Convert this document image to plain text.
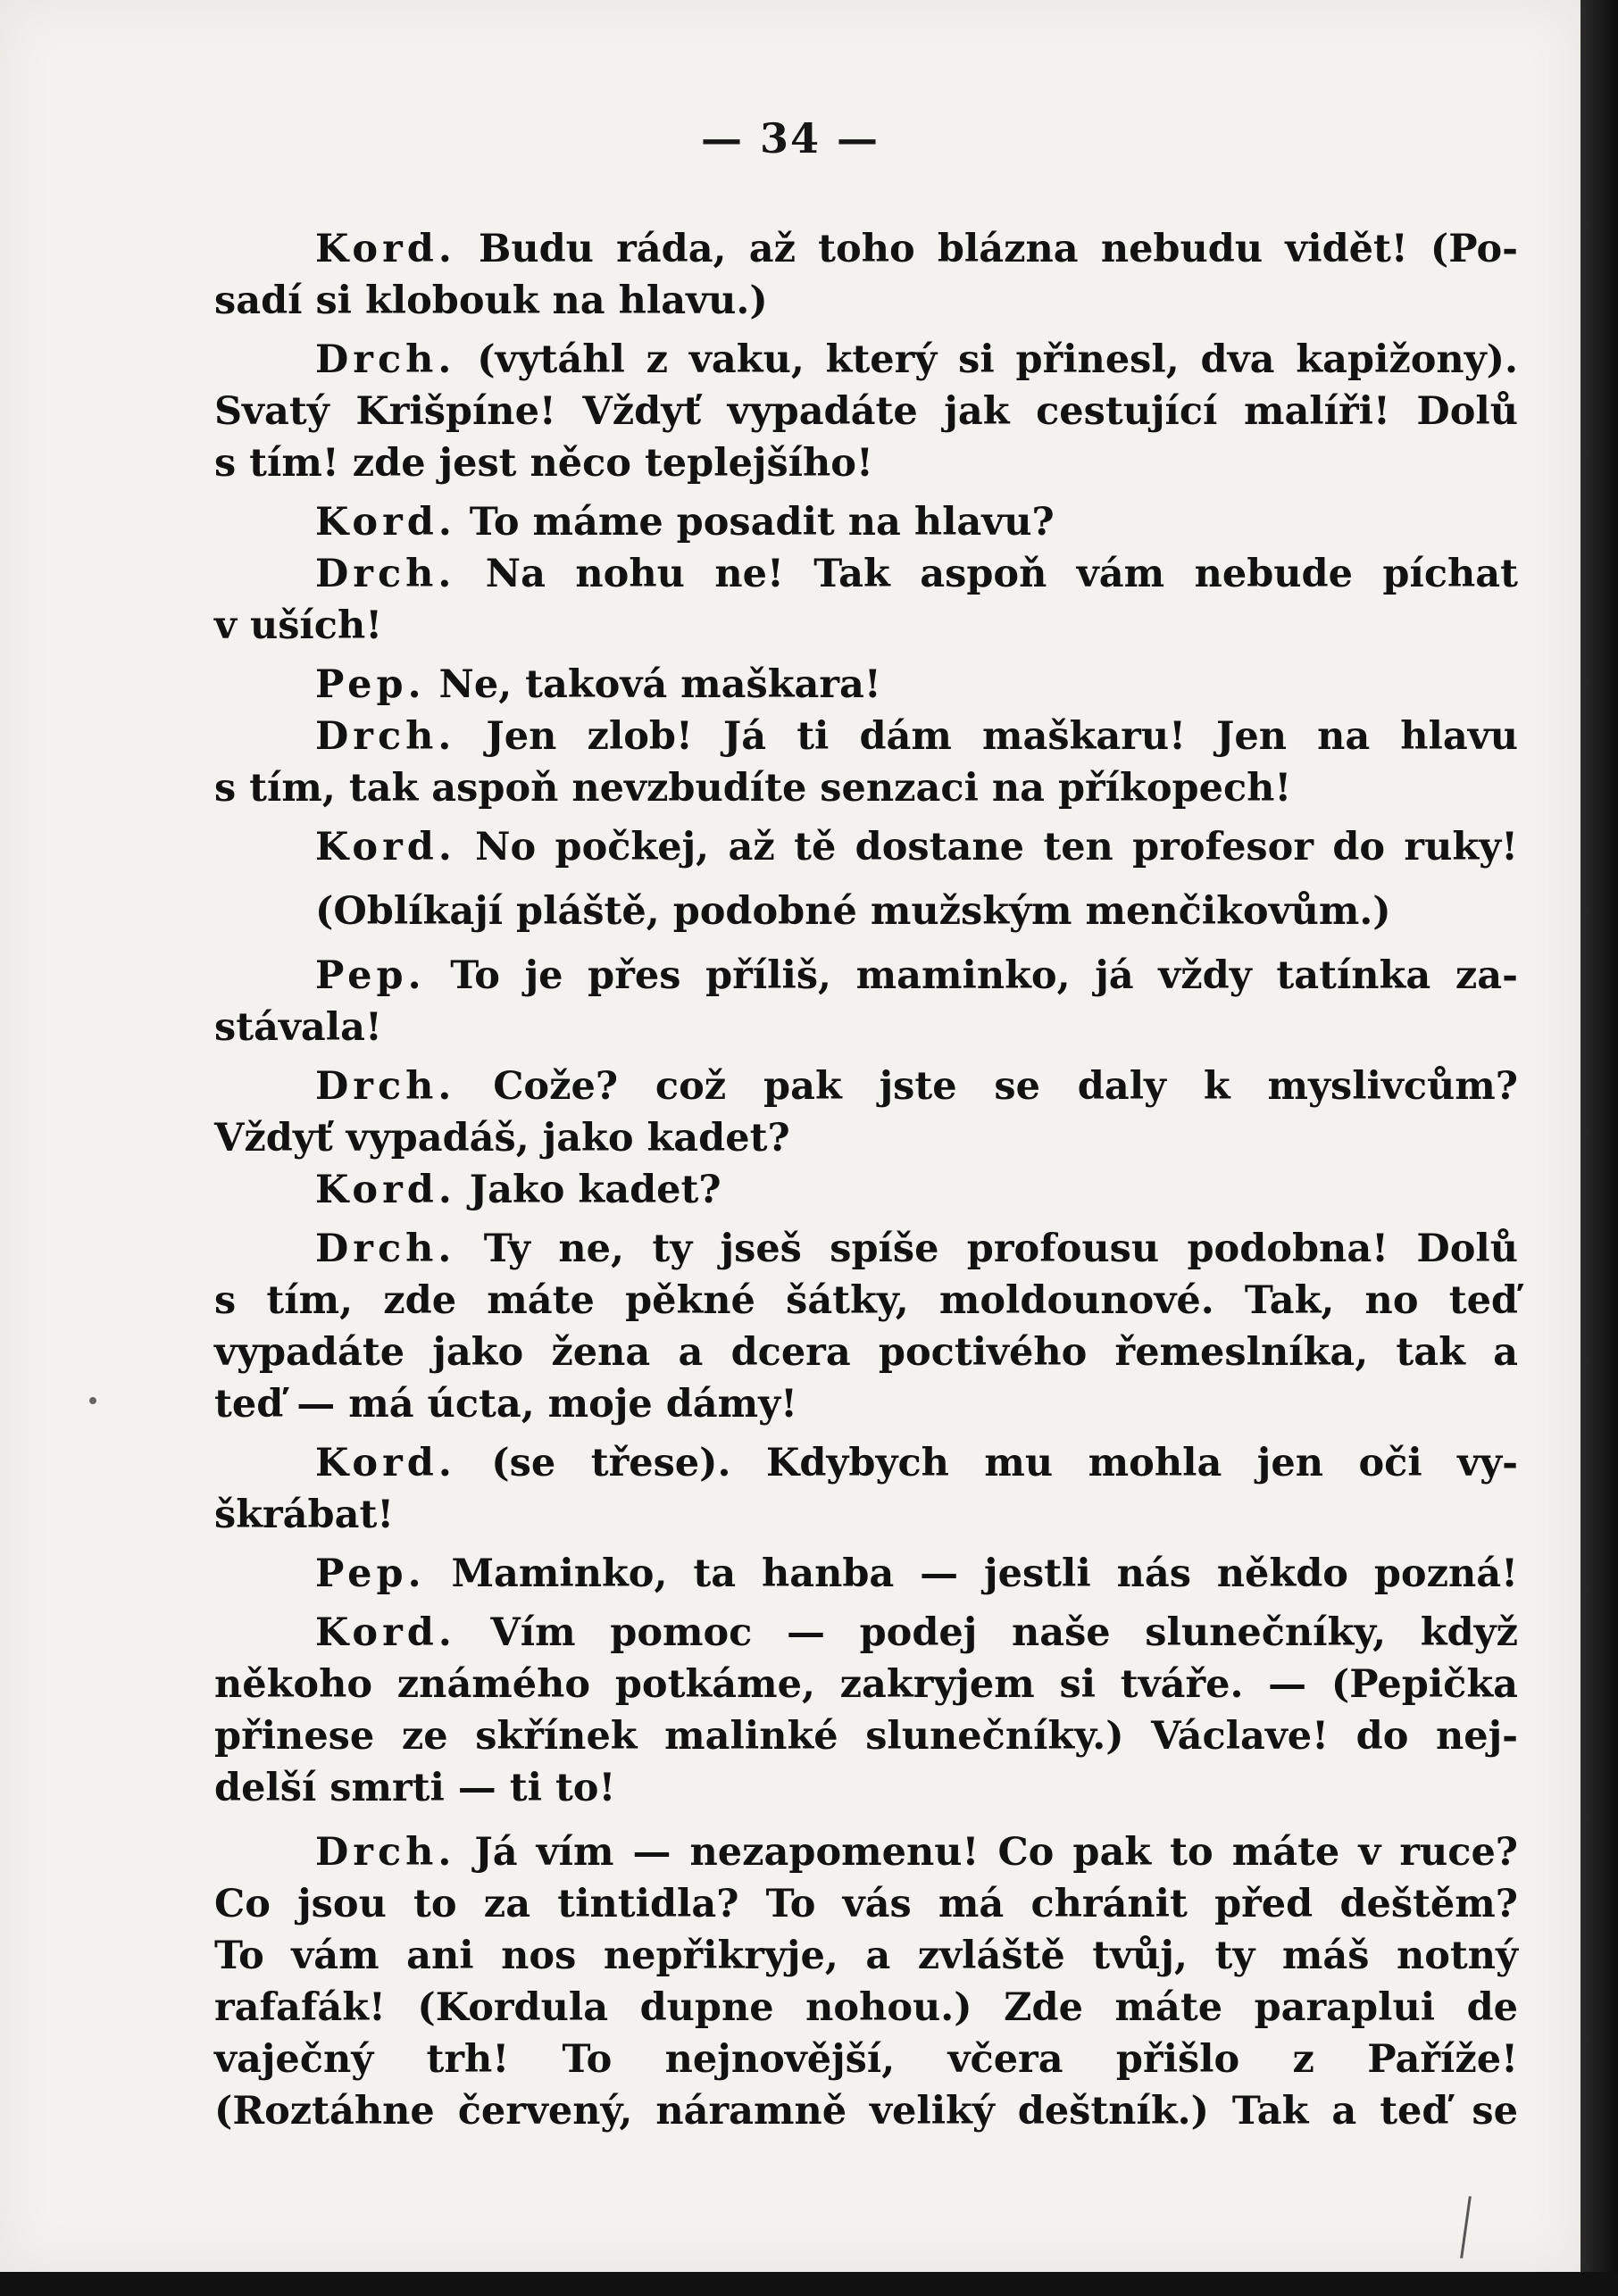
— 34 —
Kord. Budu ráda, až toho blázna nebudu vidět! (Po-
sadí si klobouk na hlavu.)
Drch. (vytáhl z vaku, který si přinesl, dva kapižony).
Svatý Krišpíne! Vždyť vypadáte jak cestující malíři! Dolů
s tím! zde jest něco teplejšího!
Kord. To máme posadit na hlavu?
Drch. Na nohu ne! Tak aspoň vám nebude píchat
v uších!
Pep. Ne, taková maškara!
Drch. Jen zlob! Já ti dám maškaru! Jen na hlavu
s tím, tak aspoň nevzbudíte senzaci na příkopech!
Kord. No počkej, až tě dostane ten profesor do ruky!
(Oblíkají pláště, podobné mužským menčikovům.)
Pep. To je přes příliš, maminko, já vždy tatínka za-
stávala!
Drch. Cože? což pak jste se daly k myslivcům?
Vždyť vypadáš, jako kadet?
Kord. Jako kadet?
Drch. Ty ne, ty jseš spíše profousu podobna! Dolů
s tím, zde máte pěkné šátky, moldounové. Tak, no teď
vypadáte jako žena a dcera poctivého řemeslníka, tak a
teď — má úcta, moje dámy!
Kord. (se třese). Kdybych mu mohla jen oči vy-
škrábat!
Pep. Maminko, ta hanba — jestli nás někdo pozná!
Kord. Vím pomoc — podej naše slunečníky, když
někoho známého potkáme, zakryjem si tváře. — (Pepička
přinese ze skřínek malinké slunečníky.) Václave! do nej-
delší smrti — ti to!
Drch. Já vím — nezapomenu! Co pak to máte v ruce?
Co jsou to za tintidla? To vás má chránit před deštěm?
To vám ani nos nepřikryje, a zvláště tvůj, ty máš notný
rafafák! (Kordula dupne nohou.) Zde máte paraplui de
vaječný trh! To nejnovější, včera přišlo z Paříže!
(Roztáhne červený, náramně veliký deštník.) Tak a teď se
